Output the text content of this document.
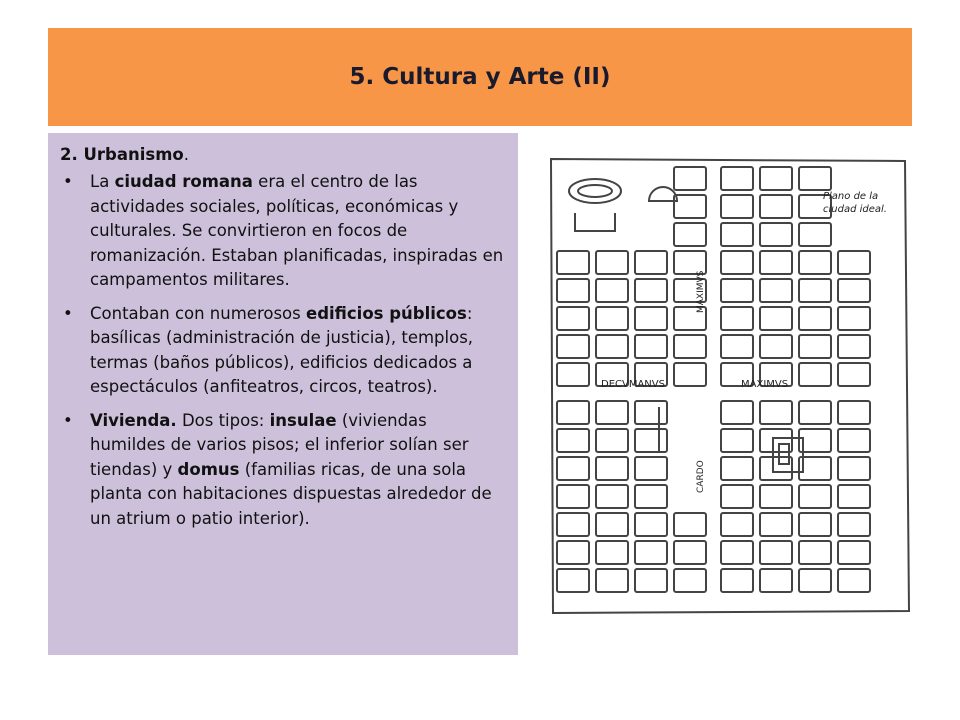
5. Cultura y Arte (II)

2. Urbanismo.

• La ciudad romana era el centro de las actividades sociales, políticas, económicas y culturales. Se convirtieron en focos de romanización. Estaban planificadas, inspiradas en campamentos militares.
• Contaban con numerosos edificios públicos: basílicas (administración de justicia), templos, termas (baños públicos), edificios dedicados a espectáculos (anfiteatros, circos, teatros).
• Vivienda. Dos tipos: insulae (viviendas humildes de varios pisos; el inferior solían ser tiendas) y domus (familias ricas, de una sola planta con habitaciones dispuestas alrededor de un atrium o patio interior).
Plano de la ciudad ideal.
DECVMANVS	MAXIMVS
MAXIMVS
CARDO
